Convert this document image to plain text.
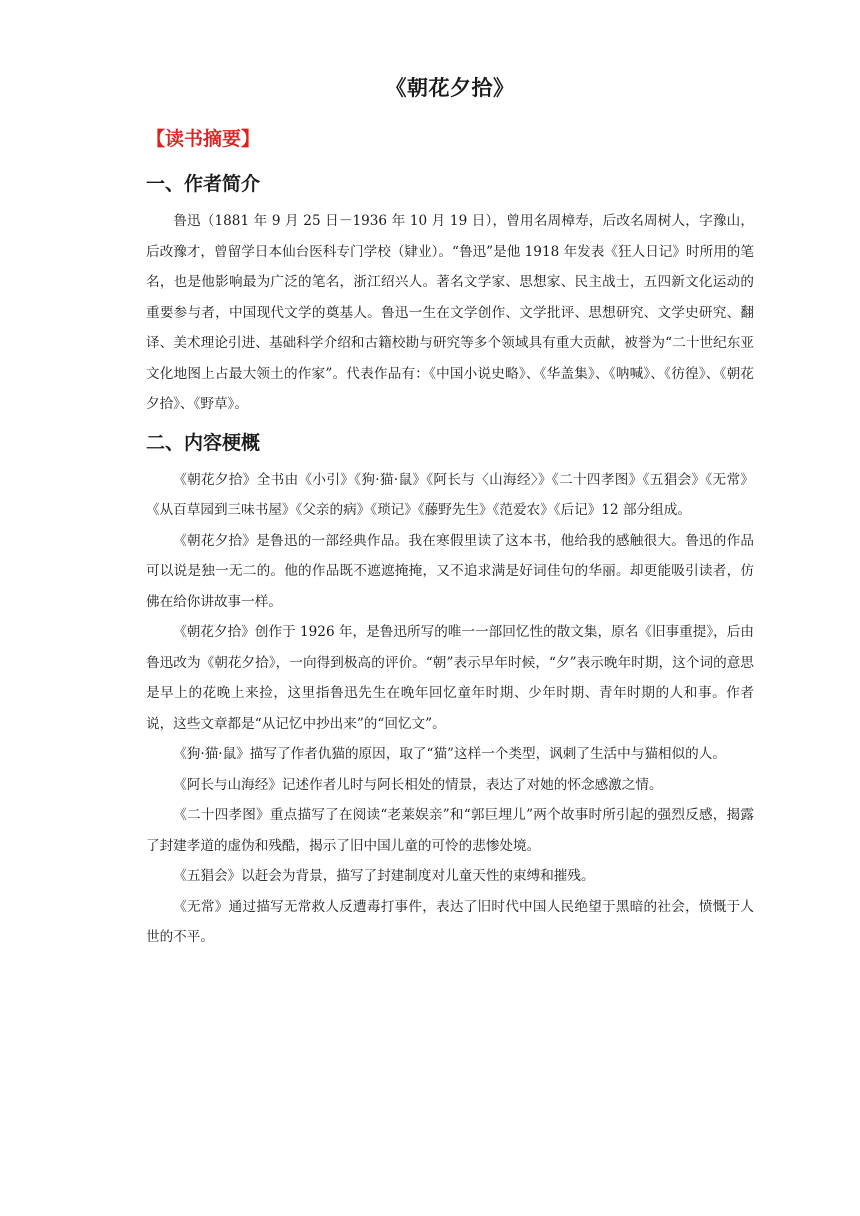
《朝花夕拾》
【读书摘要】
一、作者简介

鲁迅（1881 年 9 月 25 日－1936 年 10 月 19 日），曾用名周樟寿，后改名周树人，字豫山，后改豫才，曾留学日本仙台医科专门学校（肄业）。“鲁迅”是他 1918 年发表《狂人日记》时所用的笔名，也是他影响最为广泛的笔名，浙江绍兴人。著名文学家、思想家、民主战士，五四新文化运动的重要参与者，中国现代文学的奠基人。鲁迅一生在文学创作、文学批评、思想研究、文学史研究、翻译、美术理论引进、基础科学介绍和古籍校勘与研究等多个领域具有重大贡献，被誉为“二十世纪东亚文化地图上占最大领土的作家”。代表作品有：《中国小说史略》、《华盖集》、《呐喊》、《彷徨》、《朝花夕拾》、《野草》。

二、内容梗概

《朝花夕拾》全书由《小引》《狗·猫·鼠》《阿长与〈山海经〉》《二十四孝图》《五猖会》《无常》《从百草园到三味书屋》《父亲的病》《琐记》《藤野先生》《范爱农》《后记》12 部分组成。

《朝花夕拾》是鲁迅的一部经典作品。我在寒假里读了这本书，他给我的感触很大。鲁迅的作品可以说是独一无二的。他的作品既不遮遮掩掩，又不追求满是好词佳句的华丽。却更能吸引读者，仿佛在给你讲故事一样。

《朝花夕拾》创作于 1926 年，是鲁迅所写的唯一一部回忆性的散文集，原名《旧事重提》，后由鲁迅改为《朝花夕拾》，一向得到极高的评价。“朝”表示早年时候，“夕”表示晚年时期，这个词的意思是早上的花晚上来捡，这里指鲁迅先生在晚年回忆童年时期、少年时期、青年时期的人和事。作者说，这些文章都是“从记忆中抄出来”的“回忆文”。

《狗·猫·鼠》描写了作者仇猫的原因，取了“猫”这样一个类型，讽刺了生活中与猫相似的人。

《阿长与山海经》记述作者儿时与阿长相处的情景，表达了对她的怀念感激之情。

《二十四孝图》重点描写了在阅读“老莱娱亲”和“郭巨埋儿”两个故事时所引起的强烈反感，揭露了封建孝道的虚伪和残酷，揭示了旧中国儿童的可怜的悲惨处境。

《五猖会》以赶会为背景，描写了封建制度对儿童天性的束缚和摧残。

《无常》通过描写无常救人反遭毒打事件，表达了旧时代中国人民绝望于黑暗的社会，愤慨于人世的不平。
